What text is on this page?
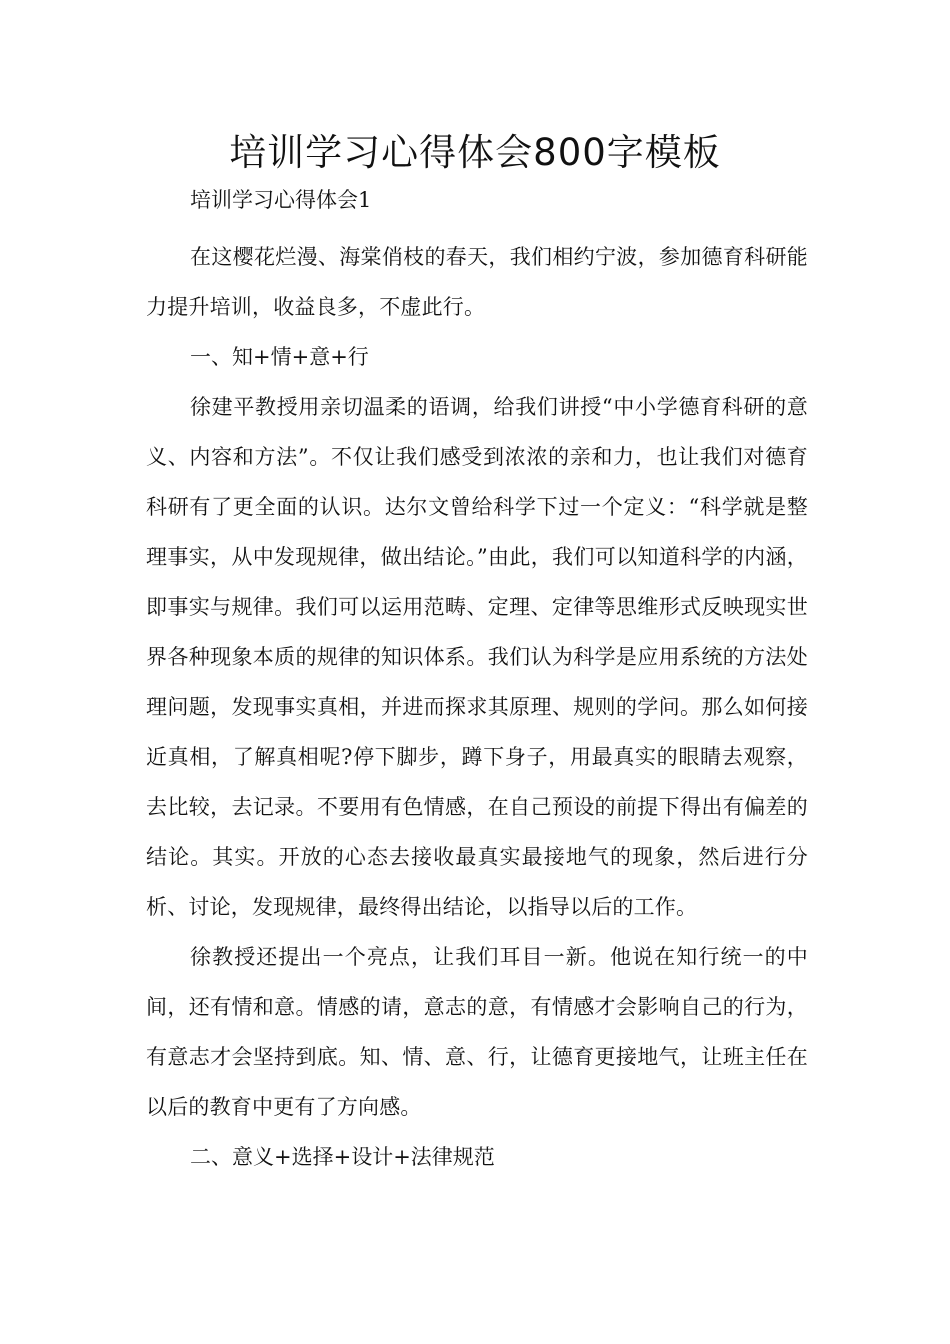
培训学习心得体会800字模板

培训学习心得体会1

在这樱花烂漫、海棠俏枝的春天，我们相约宁波，参加德育科研能力提升培训，收益良多，不虚此行。

一、知+情+意+行

徐建平教授用亲切温柔的语调，给我们讲授“中小学德育科研的意义、内容和方法”。不仅让我们感受到浓浓的亲和力，也让我们对德育科研有了更全面的认识。达尔文曾给科学下过一个定义：“科学就是整理事实，从中发现规律，做出结论。”由此，我们可以知道科学的内涵，即事实与规律。我们可以运用范畴、定理、定律等思维形式反映现实世界各种现象本质的规律的知识体系。我们认为科学是应用系统的方法处理问题，发现事实真相，并进而探求其原理、规则的学问。那么如何接近真相，了解真相呢?停下脚步，蹲下身子，用最真实的眼睛去观察，去比较，去记录。不要用有色情感，在自己预设的前提下得出有偏差的结论。其实。开放的心态去接收最真实最接地气的现象，然后进行分析、讨论，发现规律，最终得出结论，以指导以后的工作。

徐教授还提出一个亮点，让我们耳目一新。他说在知行统一的中间，还有情和意。情感的请，意志的意，有情感才会影响自己的行为，有意志才会坚持到底。知、情、意、行，让德育更接地气，让班主任在以后的教育中更有了方向感。

二、意义+选择+设计+法律规范
